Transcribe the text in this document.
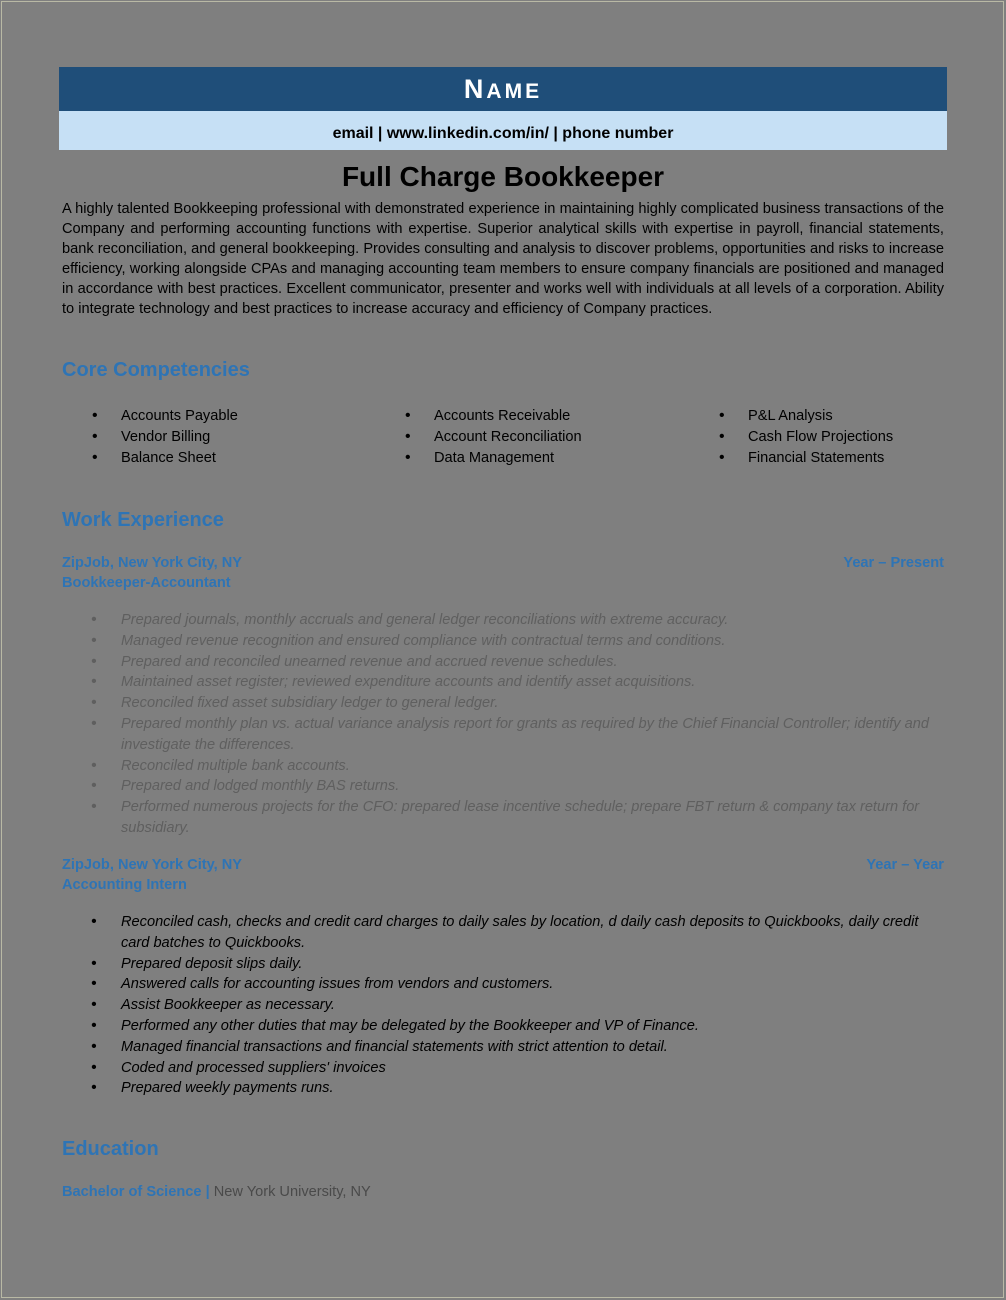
NAME
email | www.linkedin.com/in/ | phone number
Full Charge Bookkeeper
A highly talented Bookkeeping professional with demonstrated experience in maintaining highly complicated business transactions of the Company and performing accounting functions with expertise. Superior analytical skills with expertise in payroll, financial statements, bank reconciliation, and general bookkeeping. Provides consulting and analysis to discover problems, opportunities and risks to increase efficiency, working alongside CPAs and managing accounting team members to ensure company financials are positioned and managed in accordance with best practices. Excellent communicator, presenter and works well with individuals at all levels of a corporation. Ability to integrate technology and best practices to increase accuracy and efficiency of Company practices.
Core Competencies
• Accounts Payable
• Vendor Billing
• Balance Sheet
• Accounts Receivable
• Account Reconciliation
• Data Management
• P&L Analysis
• Cash Flow Projections
• Financial Statements
Work Experience
ZipJob, New York City, NY	Year – Present
Bookkeeper-Accountant
• Prepared journals, monthly accruals and general ledger reconciliations with extreme accuracy.
• Managed revenue recognition and ensured compliance with contractual terms and conditions.
• Prepared and reconciled unearned revenue and accrued revenue schedules.
• Maintained asset register; reviewed expenditure accounts and identify asset acquisitions.
• Reconciled fixed asset subsidiary ledger to general ledger.
• Prepared monthly plan vs. actual variance analysis report for grants as required by the Chief Financial Controller; identify and investigate the differences.
• Reconciled multiple bank accounts.
• Prepared and lodged monthly BAS returns.
• Performed numerous projects for the CFO: prepared lease incentive schedule; prepare FBT return & company tax return for subsidiary.
ZipJob, New York City, NY	Year – Year
Accounting Intern
• Reconciled cash, checks and credit card charges to daily sales by location, d daily cash deposits to Quickbooks, daily credit card batches to Quickbooks.
• Prepared deposit slips daily.
• Answered calls for accounting issues from vendors and customers.
• Assist Bookkeeper as necessary.
• Performed any other duties that may be delegated by the Bookkeeper and VP of Finance.
• Managed financial transactions and financial statements with strict attention to detail.
• Coded and processed suppliers' invoices
• Prepared weekly payments runs.
Education
Bachelor of Science | New York University, NY
